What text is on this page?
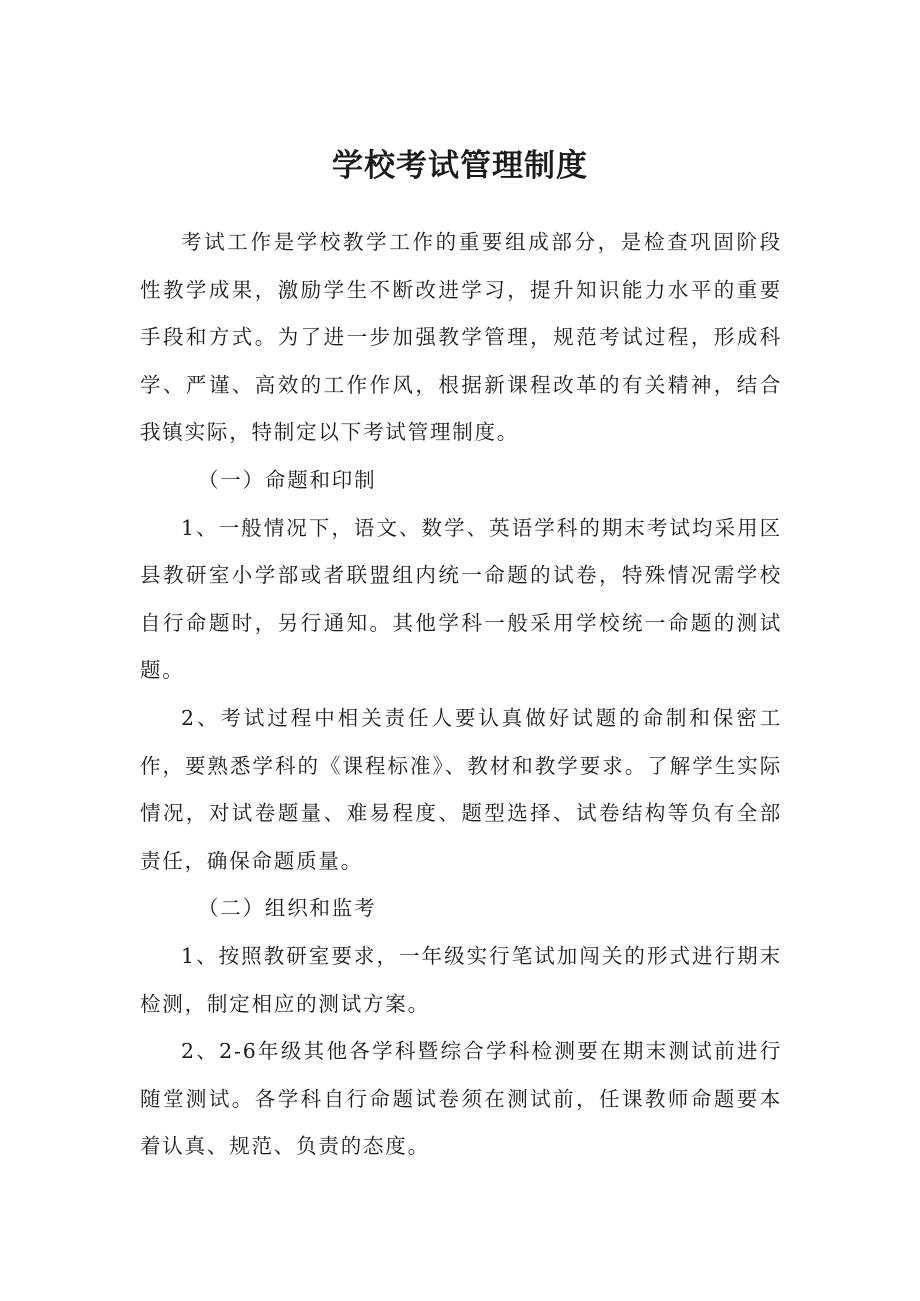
学校考试管理制度

考试工作是学校教学工作的重要组成部分，是检查巩固阶段性教学成果，激励学生不断改进学习，提升知识能力水平的重要手段和方式。为了进一步加强教学管理，规范考试过程，形成科学、严谨、高效的工作作风，根据新课程改革的有关精神，结合我镇实际，特制定以下考试管理制度。

（一）命题和印制

1、一般情况下，语文、数学、英语学科的期末考试均采用区县教研室小学部或者联盟组内统一命题的试卷，特殊情况需学校自行命题时，另行通知。其他学科一般采用学校统一命题的测试题。

2、考试过程中相关责任人要认真做好试题的命制和保密工作，要熟悉学科的《课程标准》、教材和教学要求。了解学生实际情况，对试卷题量、难易程度、题型选择、试卷结构等负有全部责任，确保命题质量。

（二）组织和监考

1、按照教研室要求，一年级实行笔试加闯关的形式进行期末检测，制定相应的测试方案。

2、2-6年级其他各学科暨综合学科检测要在期末测试前进行随堂测试。各学科自行命题试卷须在测试前，任课教师命题要本着认真、规范、负责的态度。
